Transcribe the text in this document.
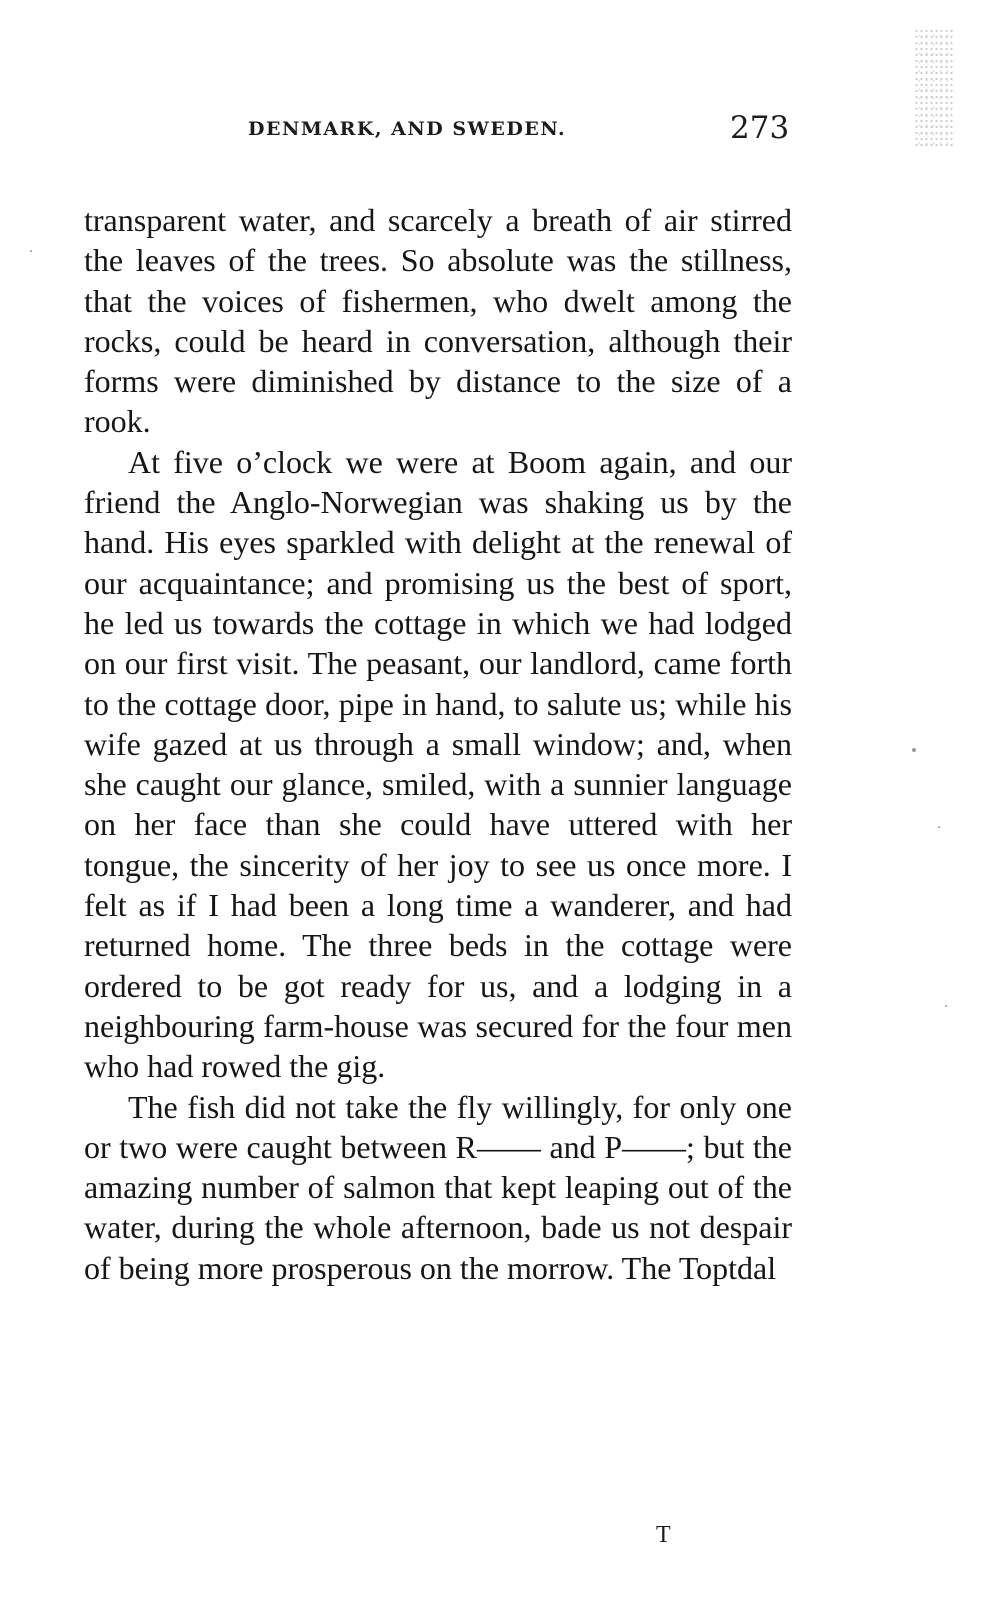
DENMARK, AND SWEDEN.	273

transparent water, and scarcely a breath of air stirred the leaves of the trees. So absolute was the stillness, that the voices of fishermen, who dwelt among the rocks, could be heard in conversation, although their forms were diminished by distance to the size of a rook.

At five o’clock we were at Boom again, and our friend the Anglo-Norwegian was shaking us by the hand. His eyes sparkled with delight at the renewal of our acquaintance; and promising us the best of sport, he led us towards the cottage in which we had lodged on our first visit. The peasant, our landlord, came forth to the cottage door, pipe in hand, to salute us; while his wife gazed at us through a small window; and, when she caught our glance, smiled, with a sunnier language on her face than she could have uttered with her tongue, the sincerity of her joy to see us once more. I felt as if I had been a long time a wanderer, and had returned home. The three beds in the cottage were ordered to be got ready for us, and a lodging in a neighbouring farm-house was secured for the four men who had rowed the gig.

The fish did not take the fly willingly, for only one or two were caught between R—— and P——; but the amazing number of salmon that kept leaping out of the water, during the whole afternoon, bade us not despair of being more prosperous on the morrow. The Toptdal

T
